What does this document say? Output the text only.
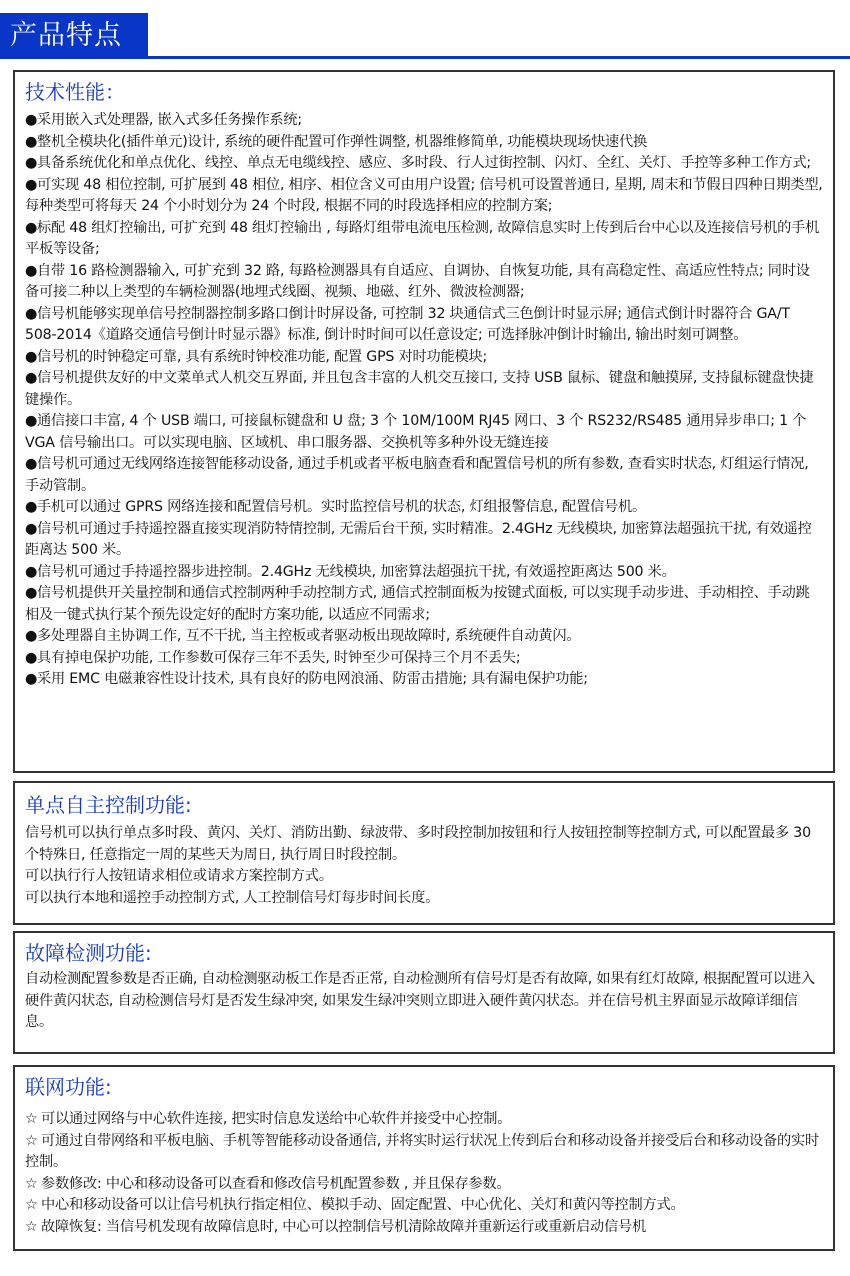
产品特点
技术性能：

●采用嵌入式处理器, 嵌入式多任务操作系统;

●整机全模块化(插件单元)设计, 系统的硬件配置可作弹性调整, 机器维修简单, 功能模块现场快速代换

●具备系统优化和单点优化、线控、单点无电缆线控、感应、多时段、行人过街控制、闪灯、全红、关灯、手控等多种工作方式;

●可实现 48 相位控制, 可扩展到 48 相位, 相序、相位含义可由用户设置; 信号机可设置普通日, 星期, 周末和节假日四种日期类型, 每种类型可将每天 24 个小时划分为 24 个时段, 根据不同的时段选择相应的控制方案;

●标配 48 组灯控输出, 可扩充到 48 组灯控输出 , 每路灯组带电流电压检测, 故障信息实时上传到后台中心以及连接信号机的手机平板等设备;

●自带 16 路检测器输入, 可扩充到 32 路, 每路检测器具有自适应、自调协、自恢复功能, 具有高稳定性、高适应性特点; 同时设备可接二种以上类型的车辆检测器(地埋式线圈、视频、地磁、红外、微波检测器;

●信号机能够实现单信号控制器控制多路口倒计时屏设备, 可控制 32 块通信式三色倒计时显示屏; 通信式倒计时器符合 GA/T 508-2014《道路交通信号倒计时显示器》标准, 倒计时时间可以任意设定; 可选择脉冲倒计时输出, 输出时刻可调整。

●信号机的时钟稳定可靠, 具有系统时钟校准功能, 配置 GPS 对时功能模块;

●信号机提供友好的中文菜单式人机交互界面, 并且包含丰富的人机交互接口, 支持 USB 鼠标、键盘和触摸屏, 支持鼠标键盘快捷键操作。

●通信接口丰富, 4 个 USB 端口, 可接鼠标键盘和 U 盘; 3 个 10M/100M RJ45 网口、3 个 RS232/RS485 通用异步串口; 1 个 VGA 信号输出口。可以实现电脑、区域机、串口服务器、交换机等多种外设无缝连接

●信号机可通过无线网络连接智能移动设备, 通过手机或者平板电脑查看和配置信号机的所有参数, 查看实时状态, 灯组运行情况, 手动管制。

●手机可以通过 GPRS 网络连接和配置信号机。实时监控信号机的状态, 灯组报警信息, 配置信号机。

●信号机可通过手持遥控器直接实现消防特情控制, 无需后台干预, 实时精准。2.4GHz 无线模块, 加密算法超强抗干扰, 有效遥控距离达 500 米。

●信号机可通过手持遥控器步进控制。2.4GHz 无线模块, 加密算法超强抗干扰, 有效遥控距离达 500 米。

●信号机提供开关量控制和通信式控制两种手动控制方式, 通信式控制面板为按键式面板, 可以实现手动步进、手动相控、手动跳相及一键式执行某个预先设定好的配时方案功能, 以适应不同需求;

●多处理器自主协调工作, 互不干扰, 当主控板或者驱动板出现故障时, 系统硬件自动黄闪。

●具有掉电保护功能, 工作参数可保存三年不丢失, 时钟至少可保持三个月不丢失;

●采用 EMC 电磁兼容性设计技术, 具有良好的防电网浪涌、防雷击措施; 具有漏电保护功能;

单点自主控制功能:

信号机可以执行单点多时段、黄闪、关灯、消防出勤、绿波带、多时段控制加按钮和行人按钮控制等控制方式, 可以配置最多 30 个特殊日, 任意指定一周的某些天为周日, 执行周日时段控制。

可以执行行人按钮请求相位或请求方案控制方式。

可以执行本地和遥控手动控制方式, 人工控制信号灯每步时间长度。

故障检测功能:

自动检测配置参数是否正确, 自动检测驱动板工作是否正常, 自动检测所有信号灯是否有故障, 如果有红灯故障, 根据配置可以进入硬件黄闪状态, 自动检测信号灯是否发生绿冲突, 如果发生绿冲突则立即进入硬件黄闪状态。并在信号机主界面显示故障详细信息。

联网功能:

☆ 可以通过网络与中心软件连接, 把实时信息发送给中心软件并接受中心控制。

☆ 可通过自带网络和平板电脑、手机等智能移动设备通信, 并将实时运行状况上传到后台和移动设备并接受后台和移动设备的实时控制。

☆ 参数修改: 中心和移动设备可以查看和修改信号机配置参数 , 并且保存参数。

☆ 中心和移动设备可以让信号机执行指定相位、模拟手动、固定配置、中心优化、关灯和黄闪等控制方式。

☆ 故障恢复: 当信号机发现有故障信息时, 中心可以控制信号机清除故障并重新运行或重新启动信号机
